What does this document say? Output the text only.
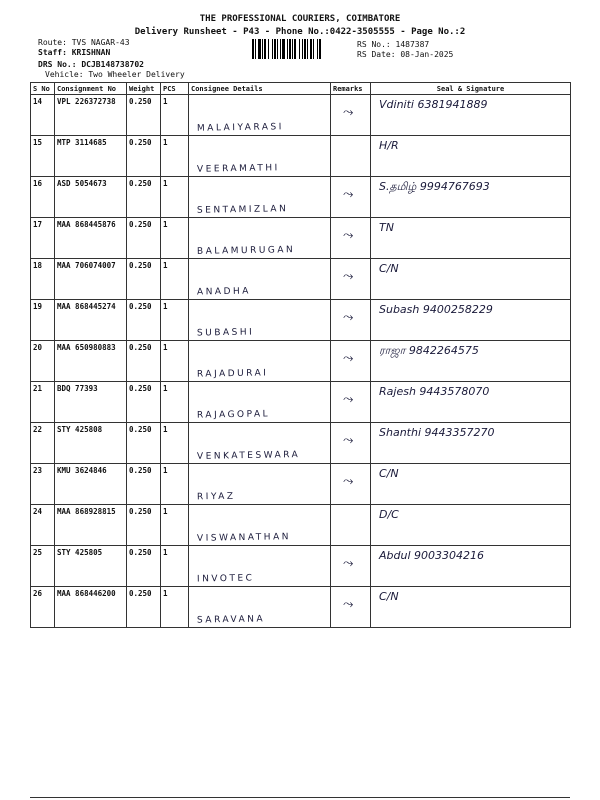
THE PROFESSIONAL COURIERS, COIMBATORE
Delivery Runsheet - P43 - Phone No.:0422-3505555 - Page No.:2
Route: TVS NAGAR-43
Staff: KRISHNAN
DRS No.: DCJB148738702
Vehicle: Two Wheeler Delivery
RS No.: 1487387
RS Date: 08-Jan-2025
S No	Consignment No	Weight	PCS	Consignee Details	Remarks	Seal & Signature
14	VPL 226372738	0.250	1	MALAIYARASI	⤳	Vdiniti 6381941889

15	MTP 3114685	0.250	1	VEERAMATHI		H/R

16	ASD 5054673	0.250	1	SENTAMIZLAN	⤳	S.தமிழ் 9994767693

17	MAA 868445876	0.250	1	BALAMURUGAN	⤳	TN

18	MAA 706074007	0.250	1	ANADHA	⤳	C/N

19	MAA 868445274	0.250	1	SUBASHI	⤳	Subash 9400258229

20	MAA 650980883	0.250	1	RAJADURAI	⤳	ராஜா 9842264575

21	BDQ 77393	0.250	1	RAJAGOPAL	⤳	Rajesh 9443578070

22	STY 425808	0.250	1	VENKATESWARA	⤳	Shanthi 9443357270

23	KMU 3624846	0.250	1	RIYAZ	⤳	C/N

24	MAA 868928815	0.250	1	VISWANATHAN		D/C

25	STY 425805	0.250	1	INVOTEC	⤳	Abdul 9003304216

26	MAA 868446200	0.250	1	SARAVANA	⤳	C/N
